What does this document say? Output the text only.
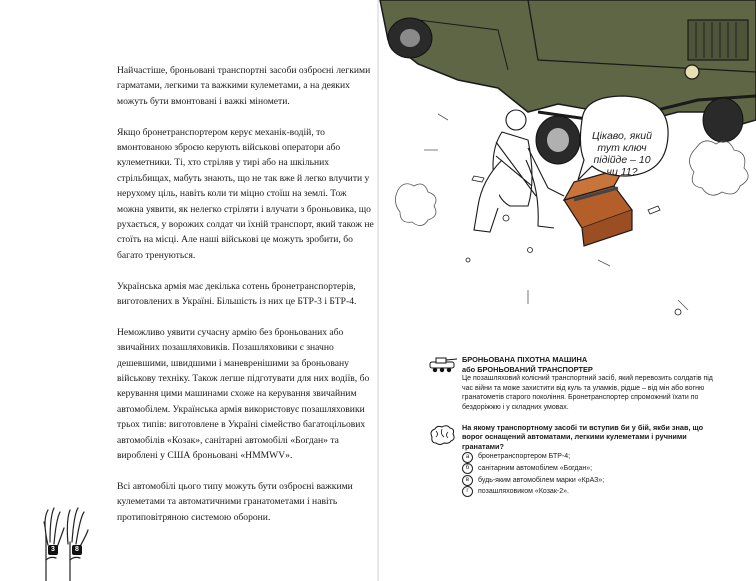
Найчастіше, броньовані транспортні засоби озброєні легкими гарматами, легкими та важкими кулеметами, а на деяких можуть бути вмонтовані і важкі міномети.

Якщо бронетранспортером керує механік-водій, то вмонтованою зброєю керують військові оператори або кулеметники. Ті, хто стріляв у тирі або на шкільних стрільбищах, мабуть знають, що не так вже й легко влучити у нерухому ціль, навіть коли ти міцно стоїш на землі. Тож можна уявити, як нелегко стріляти і влучати з броньовика, що рухається, у ворожих солдат чи їхній транспорт, який також не стоїть на місці. Але наші військові це можуть зробити, бо багато тренуються.

Українська армія має декілька сотень бронетранспортерів, виготовлених в Україні. Більшість із них це БТР-3 і БТР-4.

Неможливо уявити сучасну армію без броньованих або звичайних позашляховиків. Позашляховики є значно дешевшими, швидшими і маневренішими за броньовану військову техніку. Також легше підготувати для них водіїв, бо керування цими машинами схоже на керування звичайним автомобілем. Українська армія використовує позашляховики трьох типів: виготовлене в Україні сімейство багатоцільових автомобілів «Козак», санітарні автомобілі «Богдан» та вироблені у США броньовані «HMMWV».

Всі автомобілі цього типу можуть бути озброєні важкими кулеметами та автоматичними гранатометами і навіть протиповітряною системою оборони.

3	8
Цікаво, який тут ключ підійде – 10 чи 11?
БРОНЬОВАНА ПІХОТНА МАШИНА
або БРОНЬОВАНИЙ ТРАНСПОРТЕР

Це позашляховий колісний транспортний засіб, який перевозить солдатів під час війни та може захистити від куль та уламків, рідше – від мін або вогню гранатометів старого покоління. Бронетранспортер спроможний їхати по бездоріжжю і у складних умовах.

На якому транспортному засобі ти вступив би у бій, якби знав, що ворог оснащений автоматами, легкими кулеметами і ручними гранатами?
а	бронетранспортером БТР-4;
б	санітарним автомобілем «Богдан»;
в	будь-яким автомобілем марки «КрАЗ»;
г	позашляховиком «Козак-2».
